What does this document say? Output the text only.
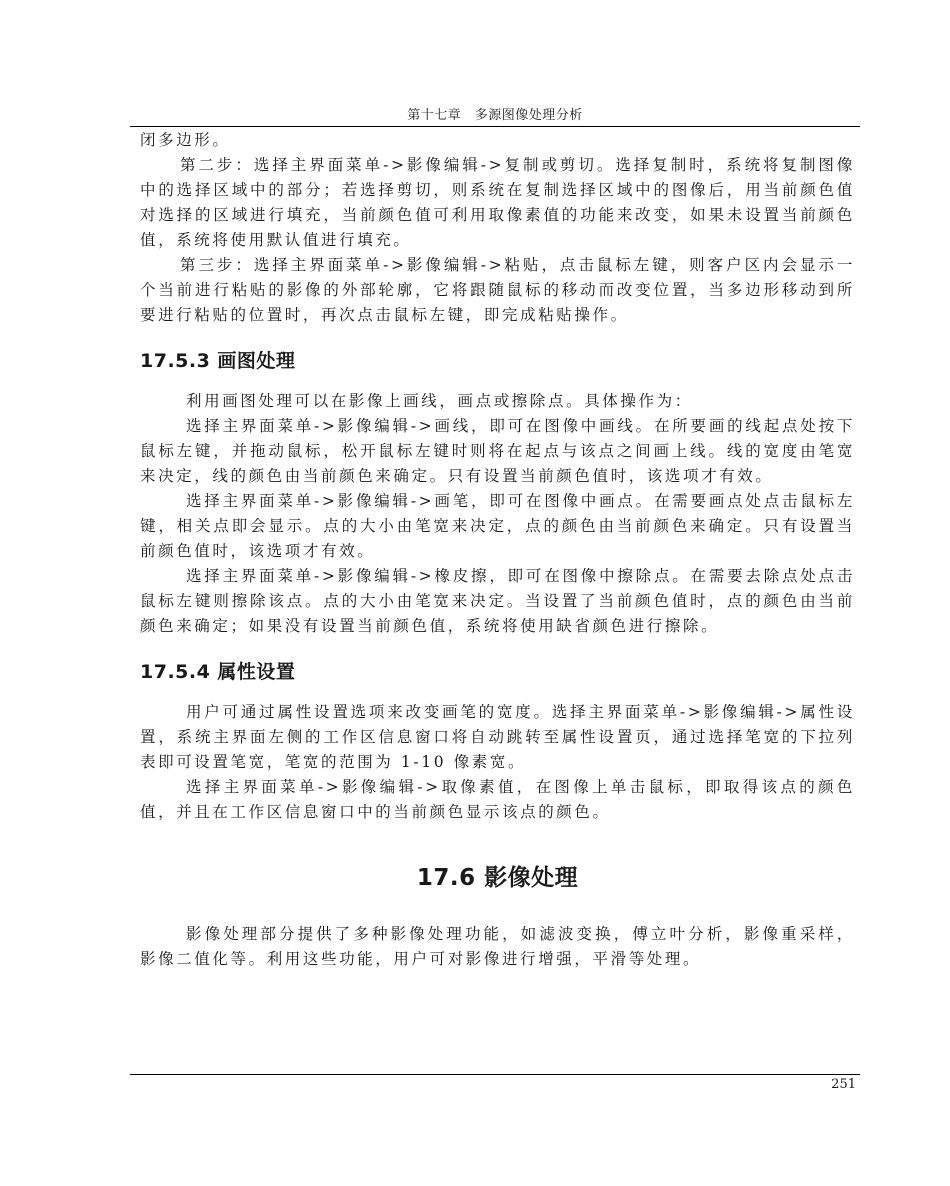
第十七章　多源图像处理分析

闭多边形。

第二步：选择主界面菜单->影像编辑->复制或剪切。选择复制时，系统将复制图像中的选择区域中的部分；若选择剪切，则系统在复制选择区域中的图像后，用当前颜色值对选择的区域进行填充，当前颜色值可利用取像素值的功能来改变，如果未设置当前颜色值，系统将使用默认值进行填充。

第三步：选择主界面菜单->影像编辑->粘贴，点击鼠标左键，则客户区内会显示一个当前进行粘贴的影像的外部轮廓，它将跟随鼠标的移动而改变位置，当多边形移动到所要进行粘贴的位置时，再次点击鼠标左键，即完成粘贴操作。

17.5.3 画图处理

利用画图处理可以在影像上画线，画点或擦除点。具体操作为：

选择主界面菜单->影像编辑->画线，即可在图像中画线。在所要画的线起点处按下鼠标左键，并拖动鼠标，松开鼠标左键时则将在起点与该点之间画上线。线的宽度由笔宽来决定，线的颜色由当前颜色来确定。只有设置当前颜色值时，该选项才有效。

选择主界面菜单->影像编辑->画笔，即可在图像中画点。在需要画点处点击鼠标左键，相关点即会显示。点的大小由笔宽来决定，点的颜色由当前颜色来确定。只有设置当前颜色值时，该选项才有效。

选择主界面菜单->影像编辑->橡皮擦，即可在图像中擦除点。在需要去除点处点击鼠标左键则擦除该点。点的大小由笔宽来决定。当设置了当前颜色值时，点的颜色由当前颜色来确定；如果没有设置当前颜色值，系统将使用缺省颜色进行擦除。

17.5.4 属性设置

用户可通过属性设置选项来改变画笔的宽度。选择主界面菜单->影像编辑->属性设置，系统主界面左侧的工作区信息窗口将自动跳转至属性设置页，通过选择笔宽的下拉列表即可设置笔宽，笔宽的范围为 1-10 像素宽。

选择主界面菜单->影像编辑->取像素值，在图像上单击鼠标，即取得该点的颜色值，并且在工作区信息窗口中的当前颜色显示该点的颜色。

17.6 影像处理

影像处理部分提供了多种影像处理功能，如滤波变换，傅立叶分析，影像重采样，影像二值化等。利用这些功能，用户可对影像进行增强，平滑等处理。

251
